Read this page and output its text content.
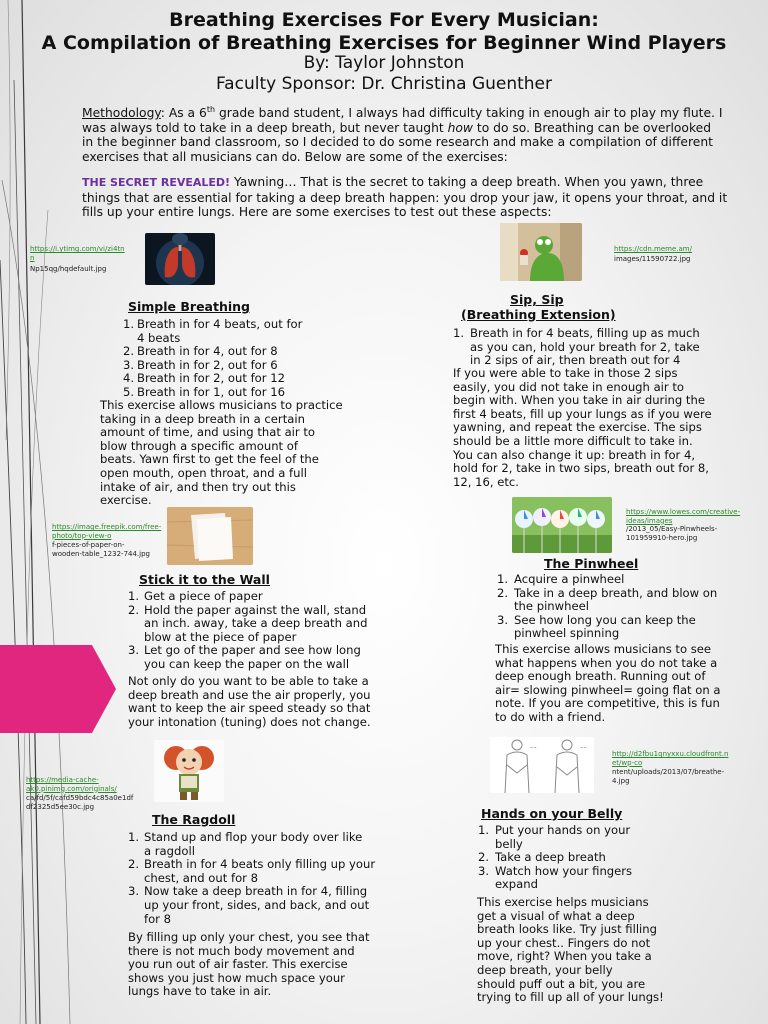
Breathing Exercises For Every Musician:
A Compilation of Breathing Exercises for Beginner Wind Players
By: Taylor Johnston
Faculty Sponsor: Dr. Christina Guenther
Methodology: As a 6th grade band student, I always had difficulty taking in enough air to play my flute. I
was always told to take in a deep breath, but never taught how to do so. Breathing can be overlooked
in the beginner band classroom, so I decided to do some research and make a compilation of different
exercises that all musicians can do. Below are some of the exercises:
THE SECRET REVEALED! Yawning… That is the secret to taking a deep breath. When you yawn, three
things that are essential for taking a deep breath happen: you drop your jaw, it opens your throat, and it
fills up your entire lungs. Here are some exercises to test out these aspects:
https://i.ytimg.com/vi/zi4tn
n
Np15qg/hqdefault.jpg
https://cdn.meme.am/
images/11590722.jpg
Simple Breathing
1. Breath in for 4 beats, out for
4 beats
2. Breath in for 4, out for 8
3. Breath in for 2, out for 6
4. Breath in for 2, out for 12
5. Breath in for 1, out for 16
This exercise allows musicians to practice
taking in a deep breath in a certain
amount of time, and using that air to
blow through a specific amount of
beats. Yawn first to get the feel of the
open mouth, open throat, and a full
intake of air, and then try out this
exercise.
Sip, Sip
(Breathing Extension)
1. Breath in for 4 beats, filling up as much
as you can, hold your breath for 2, take
in 2 sips of air, then breath out for 4
If you were able to take in those 2 sips
easily, you did not take in enough air to
begin with. When you take in air during the
first 4 beats, fill up your lungs as if you were
yawning, and repeat the exercise. The sips
should be a little more difficult to take in.
You can also change it up: breath in for 4,
hold for 2, take in two sips, breath out for 8,
12, 16, etc.
https://image.freepik.com/free-photo/top-view-o
f-pieces-of-paper-on-
wooden-table_1232-744.jpg
https://www.lowes.com/creative-
ideas/images
/2013_05/Easy-Pinwheels-
101959910-hero.jpg
Stick it to the Wall
1. Get a piece of paper
2. Hold the paper against the wall, stand
an inch. away, take a deep breath and
blow at the piece of paper
3. Let go of the paper and see how long
you can keep the paper on the wall
Not only do you want to be able to take a
deep breath and use the air properly, you
want to keep the air speed steady so that
your intonation (tuning) does not change.
The Pinwheel
1. Acquire a pinwheel
2. Take in a deep breath, and blow on
the pinwheel
3. See how long you can keep the
pinwheel spinning
This exercise allows musicians to see
what happens when you do not take a
deep enough breath. Running out of
air= slowing pinwheel= going flat on a
note. If you are competitive, this is fun
to do with a friend.
https://media-cache-
ak0.pinimg.com/originals/
ca/fd/5f/cafd59bdc4c85a0e1df
df2325d5ee30c.jpg
~~	~~
http://d2fbu1qnyxxu.cloudfront.n
et/wp-co
ntent/uploads/2013/07/breathe-
4.jpg
The Ragdoll
1. Stand up and flop your body over like
a ragdoll
2. Breath in for 4 beats only filling up your
chest, and out for 8
3. Now take a deep breath in for 4, filling
up your front, sides, and back, and out
for 8
By filling up only your chest, you see that
there is not much body movement and
you run out of air faster. This exercise
shows you just how much space your
lungs have to take in air.
Hands on your Belly
1. Put your hands on your
belly
2. Take a deep breath
3. Watch how your fingers
expand
This exercise helps musicians
get a visual of what a deep
breath looks like. Try just filling
up your chest.. Fingers do not
move, right? When you take a
deep breath, your belly
should puff out a bit, you are
trying to fill up all of your lungs!
